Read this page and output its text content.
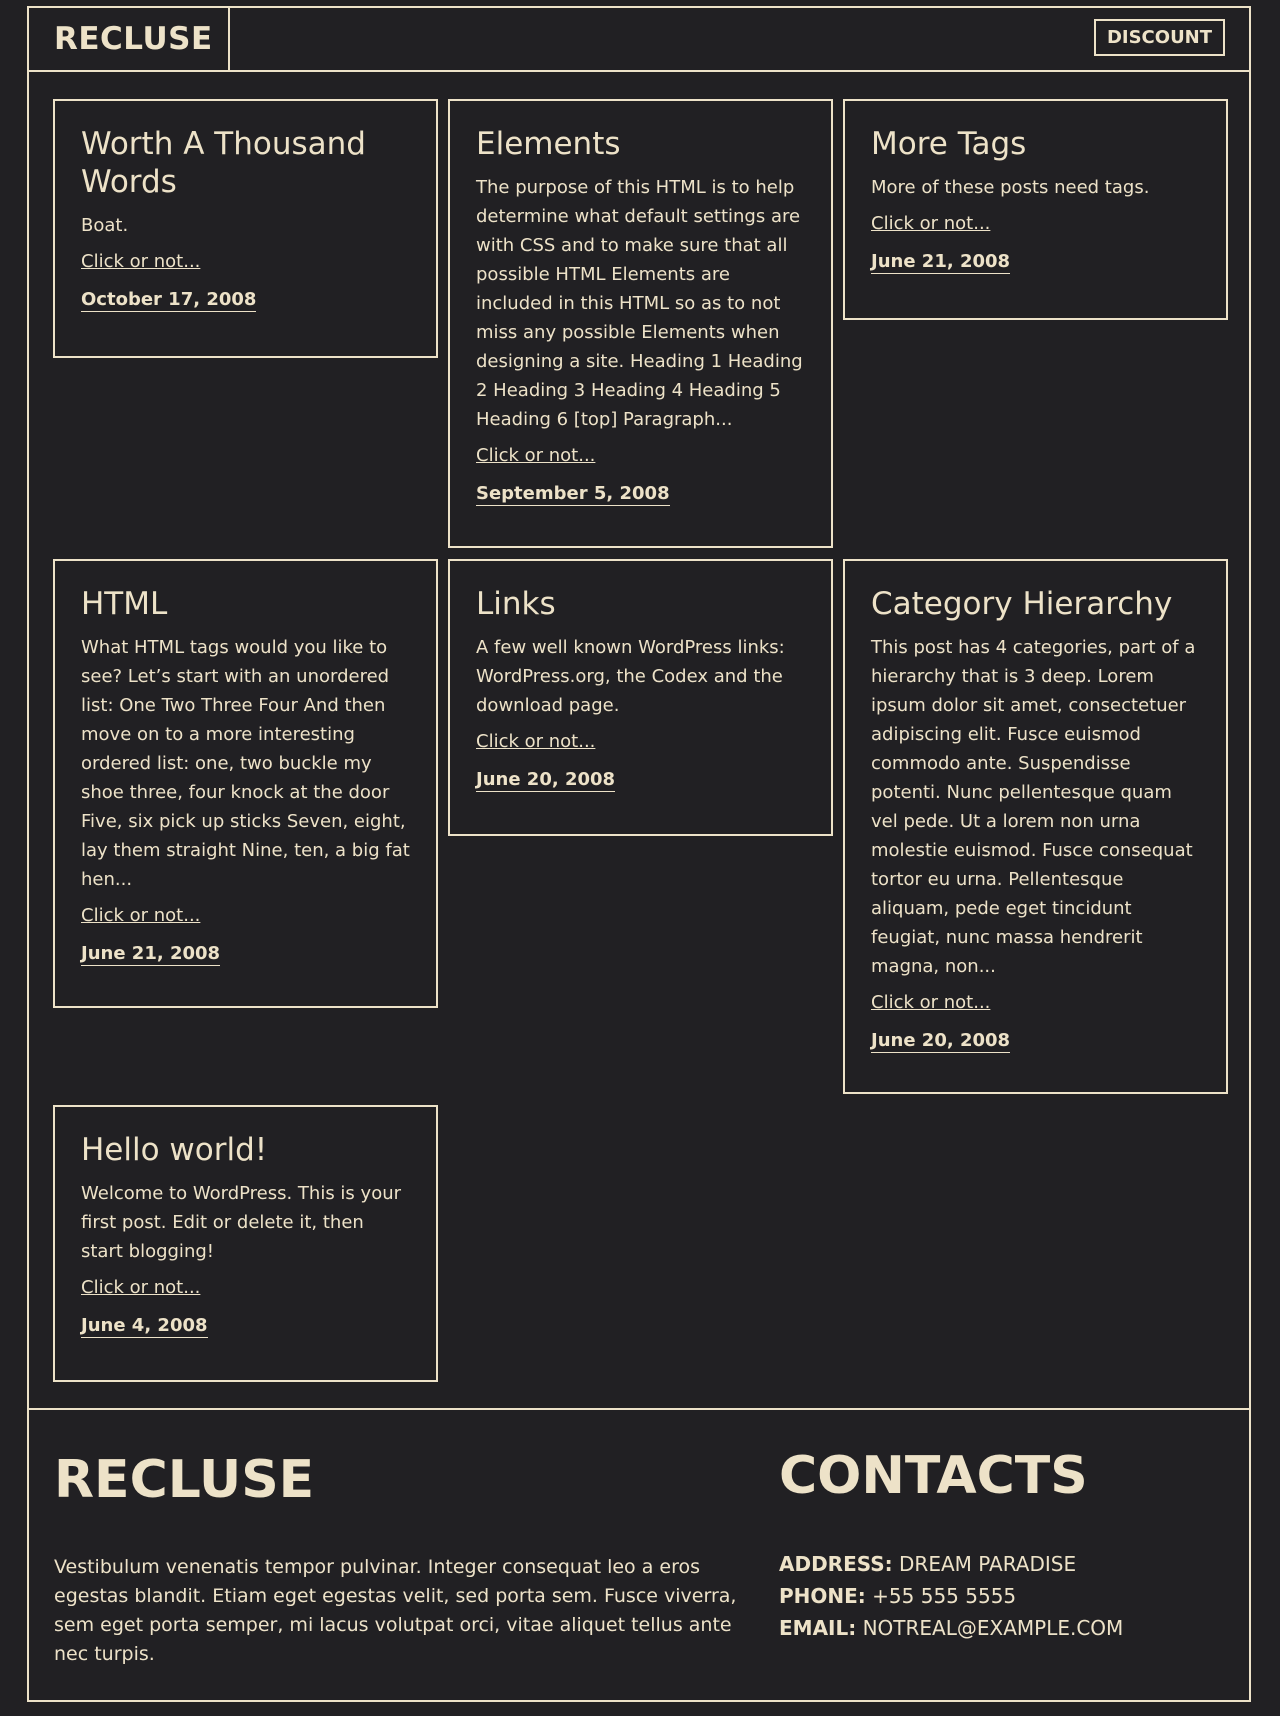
RECLUSE	DISCOUNT
Worth A Thousand Words

Boat.

Click or not...
October 17, 2008
Elements

The purpose of this HTML is to help determine what default settings are with CSS and to make sure that all possible HTML Elements are included in this HTML so as to not miss any possible Elements when designing a site. Heading 1 Heading 2 Heading 3 Heading 4 Heading 5 Heading 6 [top] Paragraph...

Click or not...
September 5, 2008
More Tags

More of these posts need tags.

Click or not...
June 21, 2008
HTML

What HTML tags would you like to see? Let’s start with an unordered list: One Two Three Four And then move on to a more interesting ordered list: one, two buckle my shoe three, four knock at the door Five, six pick up sticks Seven, eight, lay them straight Nine, ten, a big fat hen...

Click or not...
June 21, 2008
Links

A few well known WordPress links: WordPress.org, the Codex and the download page.

Click or not...
June 20, 2008
Category Hierarchy

This post has 4 categories, part of a hierarchy that is 3 deep. Lorem ipsum dolor sit amet, consectetuer adipiscing elit. Fusce euismod commodo ante. Suspendisse potenti. Nunc pellentesque quam vel pede. Ut a lorem non urna molestie euismod. Fusce consequat tortor eu urna. Pellentesque aliquam, pede eget tincidunt feugiat, nunc massa hendrerit magna, non...

Click or not...
June 20, 2008
Hello world!

Welcome to WordPress. This is your first post. Edit or delete it, then start blogging!

Click or not...
June 4, 2008
RECLUSE

Vestibulum venenatis tempor pulvinar. Integer consequat leo a eros egestas blandit. Etiam eget egestas velit, sed porta sem. Fusce viverra, sem eget porta semper, mi lacus volutpat orci, vitae aliquet tellus ante nec turpis.

CONTACTS
ADDRESS: DREAM PARADISE
PHONE: +55 555 5555
EMAIL: NOTREAL@EXAMPLE.COM
